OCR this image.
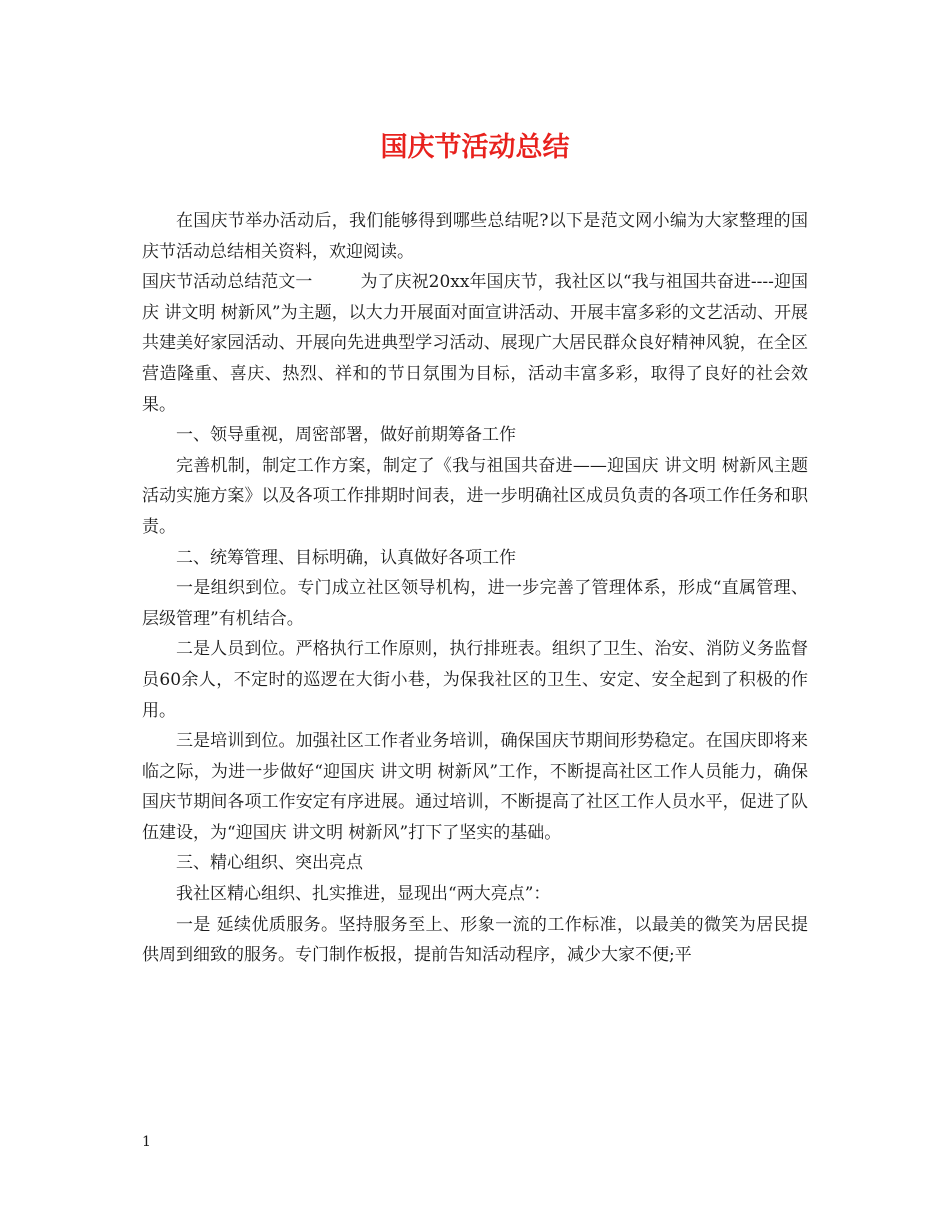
国庆节活动总结

在国庆节举办活动后，我们能够得到哪些总结呢?以下是范文网小编为大家整理的国庆节活动总结相关资料，欢迎阅读。

国庆节活动总结范文一	为了庆祝20xx年国庆节，我社区以“我与祖国共奋进----迎国庆 讲文明 树新风”为主题，以大力开展面对面宣讲活动、开展丰富多彩的文艺活动、开展共建美好家园活动、开展向先进典型学习活动、展现广大居民群众良好精神风貌，在全区营造隆重、喜庆、热烈、祥和的节日氛围为目标，活动丰富多彩，取得了良好的社会效果。

一、领导重视，周密部署，做好前期筹备工作

完善机制，制定工作方案，制定了《我与祖国共奋进——迎国庆 讲文明 树新风主题活动实施方案》以及各项工作排期时间表，进一步明确社区成员负责的各项工作任务和职责。

二、统筹管理、目标明确，认真做好各项工作

一是组织到位。专门成立社区领导机构，进一步完善了管理体系，形成“直属管理、层级管理”有机结合。

二是人员到位。严格执行工作原则，执行排班表。组织了卫生、治安、消防义务监督员60余人，不定时的巡逻在大街小巷，为保我社区的卫生、安定、安全起到了积极的作用。

三是培训到位。加强社区工作者业务培训，确保国庆节期间形势稳定。在国庆即将来临之际，为进一步做好“迎国庆 讲文明 树新风”工作，不断提高社区工作人员能力，确保国庆节期间各项工作安定有序进展。通过培训，不断提高了社区工作人员水平，促进了队伍建设，为“迎国庆 讲文明 树新风”打下了坚实的基础。

三、精心组织、突出亮点

我社区精心组织、扎实推进，显现出“两大亮点”：

一是 延续优质服务。坚持服务至上、形象一流的工作标准，以最美的微笑为居民提供周到细致的服务。专门制作板报，提前告知活动程序，减少大家不便;平

1
